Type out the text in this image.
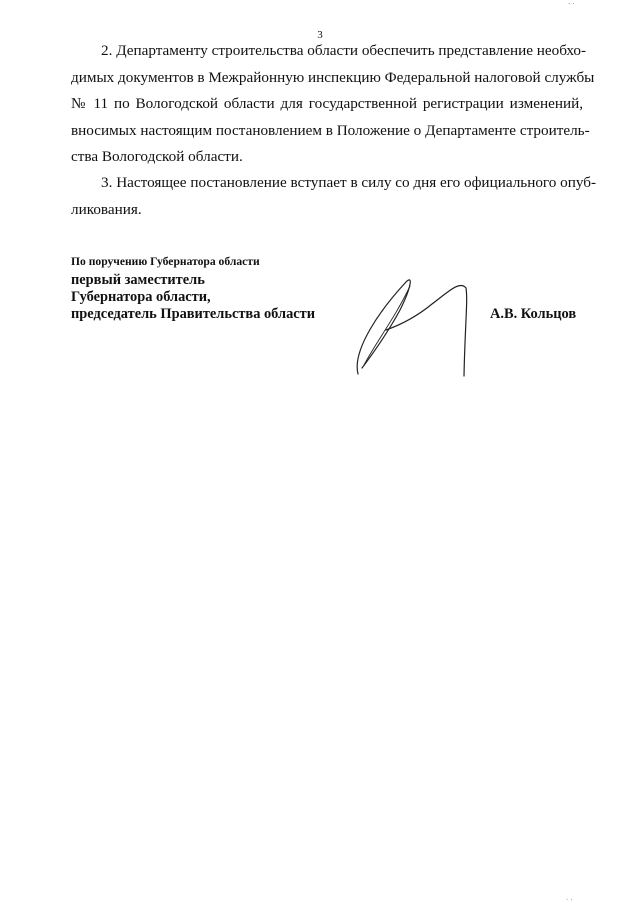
3
2. Департаменту строительства области обеспечить представление необхо-
димых документов в Межрайонную инспекцию Федеральной налоговой службы
№ 11 по Вологодской области для государственной регистрации изменений,
вносимых настоящим постановлением в Положение о Департаменте строитель-
ства Вологодской области.
3. Настоящее постановление вступает в силу со дня его официального опуб-
ликования.
По поручению Губернатора области
первый заместитель
Губернатора области,
председатель Правительства области	А.В. Кольцов
· ·
· ·
